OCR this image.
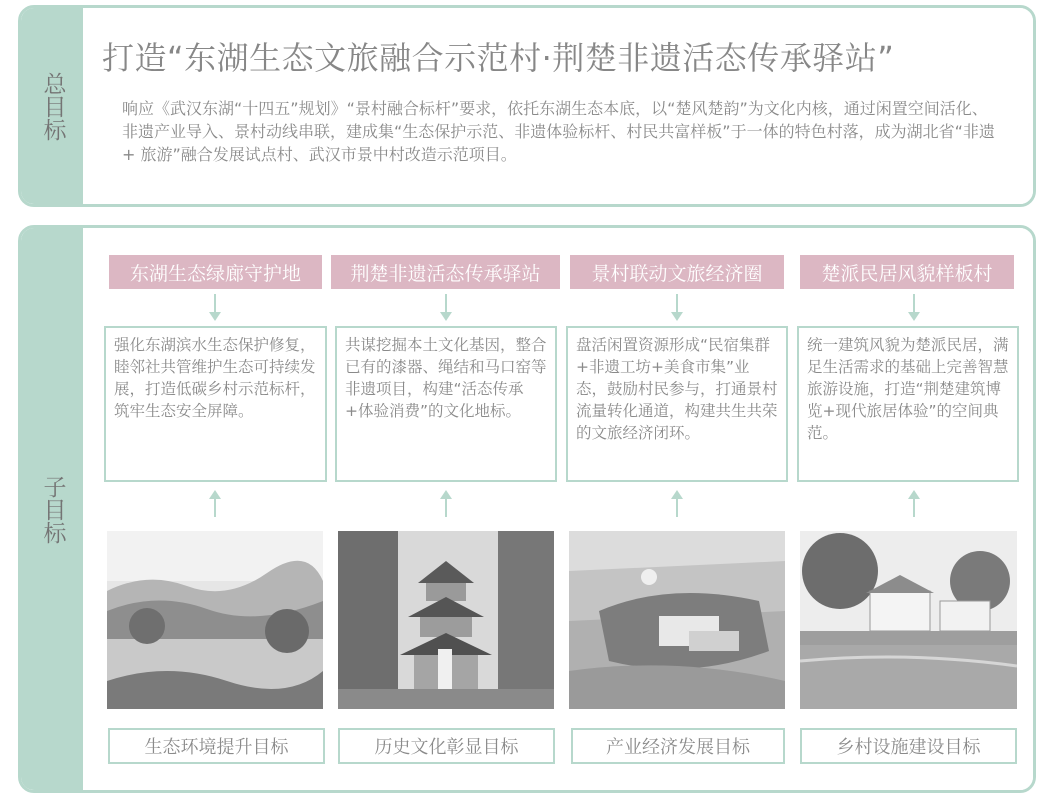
总目标
打造“东湖生态文旅融合示范村·荆楚非遗活态传承驿站”
响应《武汉东湖“十四五”规划》“景村融合标杆”要求，依托东湖生态本底，以“楚风楚韵”为文化内核，通过闲置空间活化、非遗产业导入、景村动线串联，建成集“生态保护示范、非遗体验标杆、村民共富样板”于一体的特色村落，成为湖北省“非遗 + 旅游”融合发展试点村、武汉市景中村改造示范项目。
子目标
东湖生态绿廊守护地
强化东湖滨水生态保护修复，睦邻社共管维护生态可持续发展，打造低碳乡村示范标杆，筑牢生态安全屏障。
生态环境提升目标
荆楚非遗活态传承驿站
共谋挖掘本土文化基因，整合已有的漆器、绳结和马口窑等非遗项目，构建“活态传承+体验消费”的文化地标。
历史文化彰显目标
景村联动文旅经济圈
盘活闲置资源形成“民宿集群+非遗工坊+美食市集”业态，鼓励村民参与，打通景村流量转化通道，构建共生共荣的文旅经济闭环。
产业经济发展目标
楚派民居风貌样板村
统一建筑风貌为楚派民居，满足生活需求的基础上完善智慧旅游设施，打造“荆楚建筑博览+现代旅居体验”的空间典范。
乡村设施建设目标
